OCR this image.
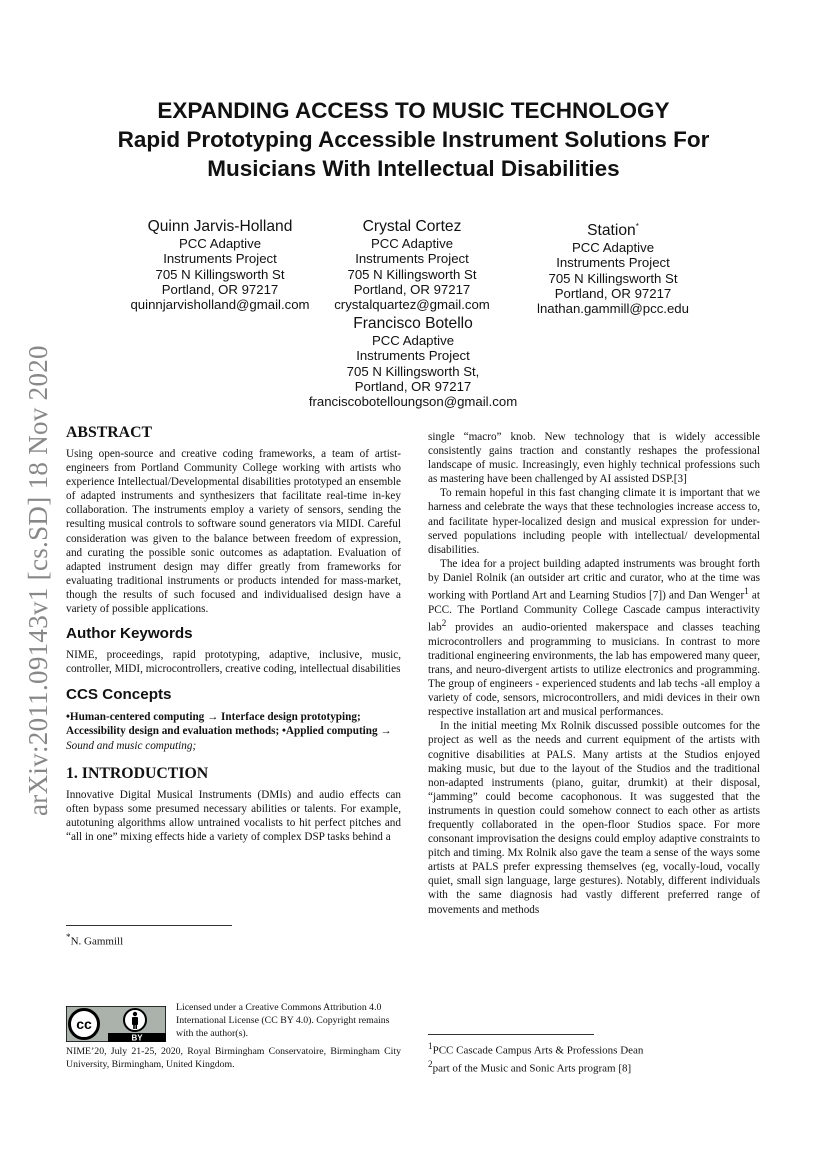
EXPANDING ACCESS TO MUSIC TECHNOLOGY
Rapid Prototyping Accessible Instrument Solutions For
Musicians With Intellectual Disabilities
Quinn Jarvis-Holland
PCC Adaptive
Instruments Project
705 N Killingsworth St
Portland, OR 97217
quinnjarvisholland@gmail.com
Crystal Cortez
PCC Adaptive
Instruments Project
705 N Killingsworth St
Portland, OR 97217
crystalquartez@gmail.com
Station*
PCC Adaptive
Instruments Project
705 N Killingsworth St
Portland, OR 97217
lnathan.gammill@pcc.edu
Francisco Botello
PCC Adaptive
Instruments Project
705 N Killingsworth St,
Portland, OR 97217
franciscobotelloungson@gmail.com
arXiv:2011.09143v1 [cs.SD] 18 Nov 2020 ABSTRACT

Using open-source and creative coding frameworks, a team of artist-engineers from Portland Community College working with artists who experience Intellectual/Developmental disabilities prototyped an ensemble of adapted instruments and synthesizers that facilitate real-time in-key collaboration. The instruments employ a variety of sensors, sending the resulting musical controls to software sound generators via MIDI. Careful consideration was given to the balance between freedom of expression, and curating the possible sonic outcomes as adaptation. Evaluation of adapted instrument design may differ greatly from frameworks for evaluating traditional instruments or products intended for mass-market, though the results of such focused and individualised design have a variety of possible applications.

Author Keywords

NIME, proceedings, rapid prototyping, adaptive, inclusive, music, controller, MIDI, microcontrollers, creative coding, intellectual disabilities

CCS Concepts

•Human-centered computing → Interface design prototyping; Accessibility design and evaluation methods; •Applied computing → Sound and music computing;

1. INTRODUCTION

Innovative Digital Musical Instruments (DMIs) and audio effects can often bypass some presumed necessary abilities or talents. For example, autotuning algorithms allow untrained vocalists to hit perfect pitches and “all in one” mixing effects hide a variety of complex DSP tasks behind a

*N. Gammill
cc
BY
Licensed under a Creative Commons Attribution 4.0 International License (CC BY 4.0). Copyright remains with the author(s).
NIME’20, July 21-25, 2020, Royal Birmingham Conservatoire, Birmingham City University, Birmingham, United Kingdom.

single “macro” knob. New technology that is widely accessible consistently gains traction and constantly reshapes the professional landscape of music. Increasingly, even highly technical professions such as mastering have been challenged by AI assisted DSP.[3]

To remain hopeful in this fast changing climate it is important that we harness and celebrate the ways that these technologies increase access to, and facilitate hyper-localized design and musical expression for under-served populations including people with intellectual/ developmental disabilities.

The idea for a project building adapted instruments was brought forth by Daniel Rolnik (an outsider art critic and curator, who at the time was working with Portland Art and Learning Studios [7]) and Dan Wenger$^1$ at PCC. The Portland Community College Cascade campus interactivity lab$^2$ provides an audio-oriented makerspace and classes teaching microcontrollers and programming to musicians. In contrast to more traditional engineering environments, the lab has empowered many queer, trans, and neuro-divergent artists to utilize electronics and programming. The group of engineers - experienced students and lab techs -all employ a variety of code, sensors, microcontrollers, and midi devices in their own respective installation art and musical performances.

In the initial meeting Mx Rolnik discussed possible outcomes for the project as well as the needs and current equipment of the artists with cognitive disabilities at PALS. Many artists at the Studios enjoyed making music, but due to the layout of the Studios and the traditional non-adapted instruments (piano, guitar, drumkit) at their disposal, “jamming” could become cacophonous. It was suggested that the instruments in question could somehow connect to each other as artists frequently collaborated in the open-floor Studios space. For more consonant improvisation the designs could employ adaptive constraints to pitch and timing. Mx Rolnik also gave the team a sense of the ways some artists at PALS prefer expressing themselves (eg, vocally-loud, vocally quiet, small sign language, large gestures). Notably, different individuals with the same diagnosis had vastly different preferred range of movements and methods

$^1$PCC Cascade Campus Arts & Professions Dean
$^2$part of the Music and Sonic Arts program [8]
